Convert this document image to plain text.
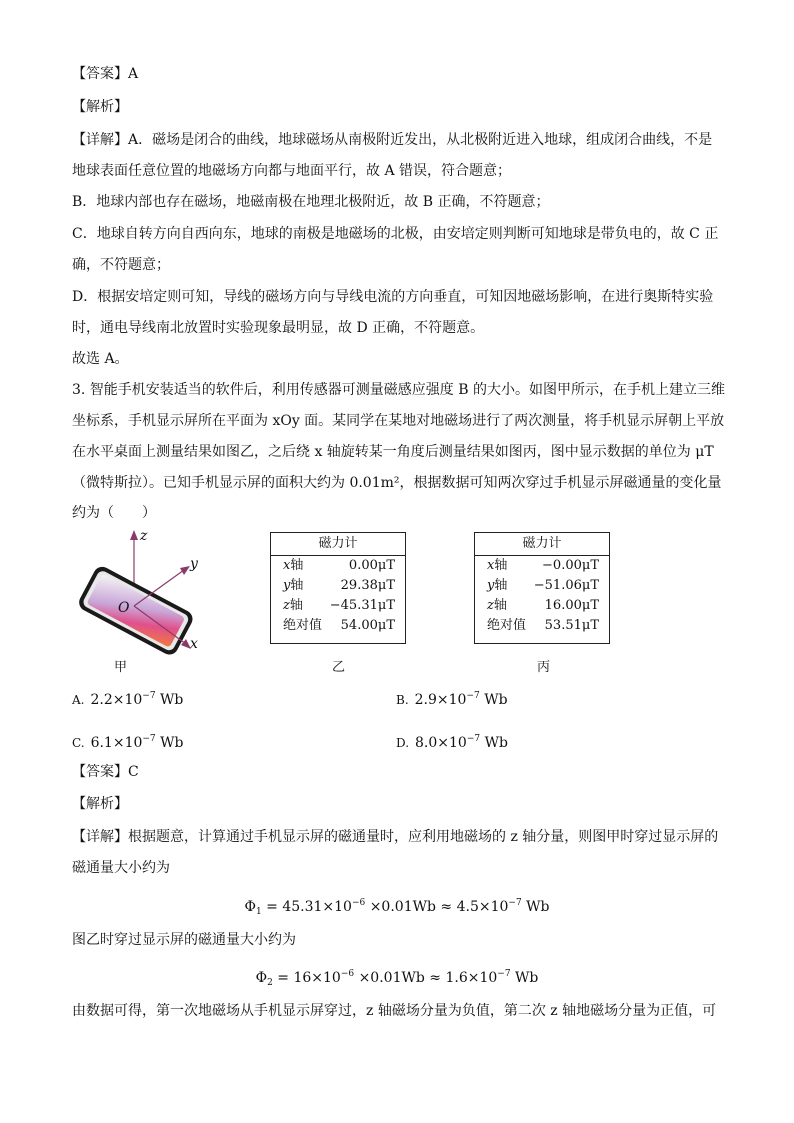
【答案】A
【解析】
【详解】A．磁场是闭合的曲线，地球磁场从南极附近发出，从北极附近进入地球，组成闭合曲线，不是
地球表面任意位置的地磁场方向都与地面平行，故 A 错误，符合题意；
B．地球内部也存在磁场，地磁南极在地理北极附近，故 B 正确，不符题意；
C．地球自转方向自西向东，地球的南极是地磁场的北极，由安培定则判断可知地球是带负电的，故 C 正
确，不符题意；
D．根据安培定则可知，导线的磁场方向与导线电流的方向垂直，可知因地磁场影响，在进行奥斯特实验
时，通电导线南北放置时实验现象最明显，故 D 正确，不符题意。
故选 A。
3. 智能手机安装适当的软件后，利用传感器可测量磁感应强度 B 的大小。如图甲所示，在手机上建立三维
坐标系，手机显示屏所在平面为 xOy 面。某同学在某地对地磁场进行了两次测量，将手机显示屏朝上平放
在水平桌面上测量结果如图乙，之后绕 x 轴旋转某一角度后测量结果如图丙，图中显示数据的单位为 μT
（微特斯拉）。已知手机显示屏的面积大约为 0.01m²，根据数据可知两次穿过手机显示屏磁通量的变化量
约为（　　）
z
y
O
x
甲
磁力计
x轴	0.00μT
y轴	29.38μT
z轴 −45.31μT
绝对值 54.00μT
乙
磁力计
x轴	−0.00μT
y轴 −51.06μT
z轴	16.00μT
绝对值 53.51μT
丙
A. $2.2\times 10^{-7}$ Wb	B. $2.9\times 10^{-7}$ Wb
C. $6.1\times 10^{-7}$ Wb	D. $8.0\times 10^{-7}$ Wb
【答案】C
【解析】
【详解】根据题意，计算通过手机显示屏的磁通量时，应利用地磁场的 z 轴分量，则图甲时穿过显示屏的
磁通量大小约为
$\Phi_1 = 45.31\times 10^{-6} \times 0.01Wb \approx 4.5\times 10^{-7}$ Wb
图乙时穿过显示屏的磁通量大小约为
$\Phi_2 = 16\times 10^{-6} \times 0.01Wb \approx 1.6\times 10^{-7}$ Wb
由数据可得，第一次地磁场从手机显示屏穿过，z 轴磁场分量为负值，第二次 z 轴地磁场分量为正值，可
